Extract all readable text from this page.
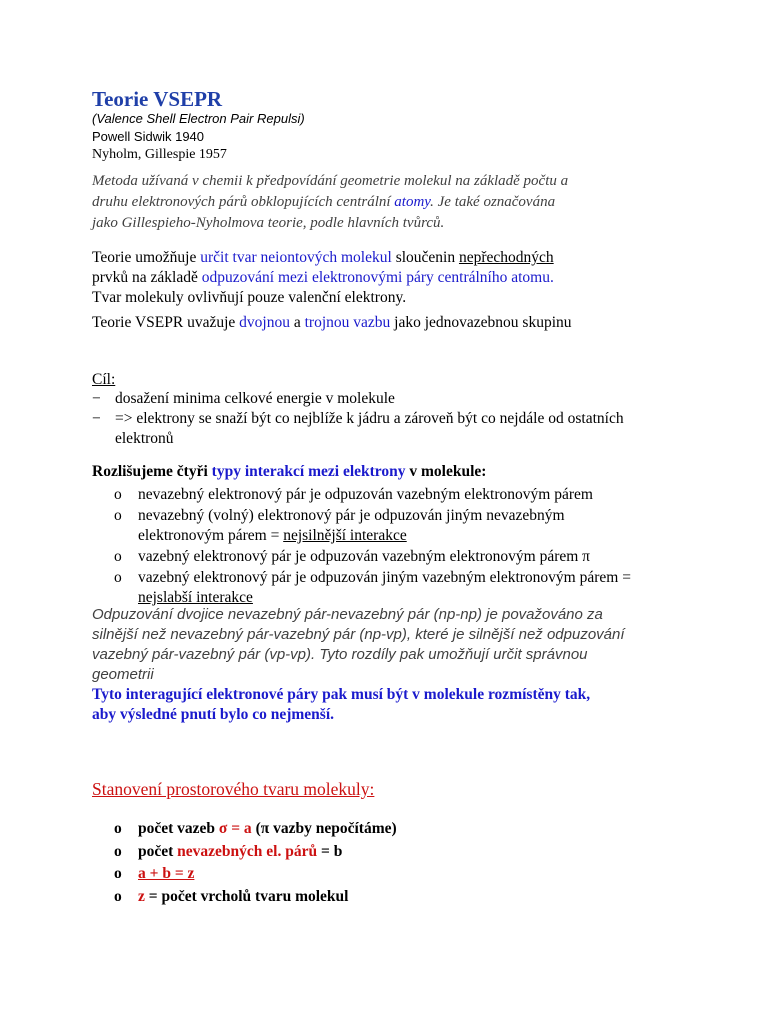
Teorie VSEPR
(Valence Shell Electron Pair Repulsi)
Powell Sidwik 1940
Nyholm, Gillespie 1957

Metoda užívaná v chemii k předpovídání geometrie molekul na základě počtu a

druhu elektronových párů obklopujících centrální atomy. Je také označována

jako Gillespieho-Nyholmova teorie, podle hlavních tvůrců.

Teorie umožňuje určit tvar neiontových molekul sloučenin nepřechodných

prvků na základě odpuzování mezi elektronovými páry centrálního atomu.

Tvar molekuly ovlivňují pouze valenční elektrony.

Teorie VSEPR uvažuje dvojnou a trojnou vazbu jako jednovazebnou skupinu
Cíl:
− dosažení minima celkové energie v molekule
− => elektrony se snaží být co nejblíže k jádru a zároveň být co nejdále od ostatních elektronů
Rozlišujeme čtyři typy interakcí mezi elektrony v molekule:
o nevazebný elektronový pár je odpuzován vazebným elektronovým párem
o nevazebný (volný) elektronový pár je odpuzován jiným nevazebným elektronovým párem = nejsilnější interakce
o vazebný elektronový pár je odpuzován vazebným elektronovým párem π
o vazebný elektronový pár je odpuzován jiným vazebným elektronovým párem = nejslabší interakce

Odpuzování dvojice nevazebný pár-nevazebný pár (np-np) je považováno za

silnější než nevazebný pár-vazebný pár (np-vp), které je silnější než odpuzování

vazebný pár-vazebný pár (vp-vp). Tyto rozdíly pak umožňují určit správnou

geometrii

Tyto interagující elektronové páry pak musí být v molekule rozmístěny tak,

aby výsledné pnutí bylo co nejmenší.

Stanovení prostorového tvaru molekuly:
o počet vazeb σ = a (π vazby nepočítáme)
o počet nevazebných el. párů = b
o a + b = z
o z = počet vrcholů tvaru molekul
